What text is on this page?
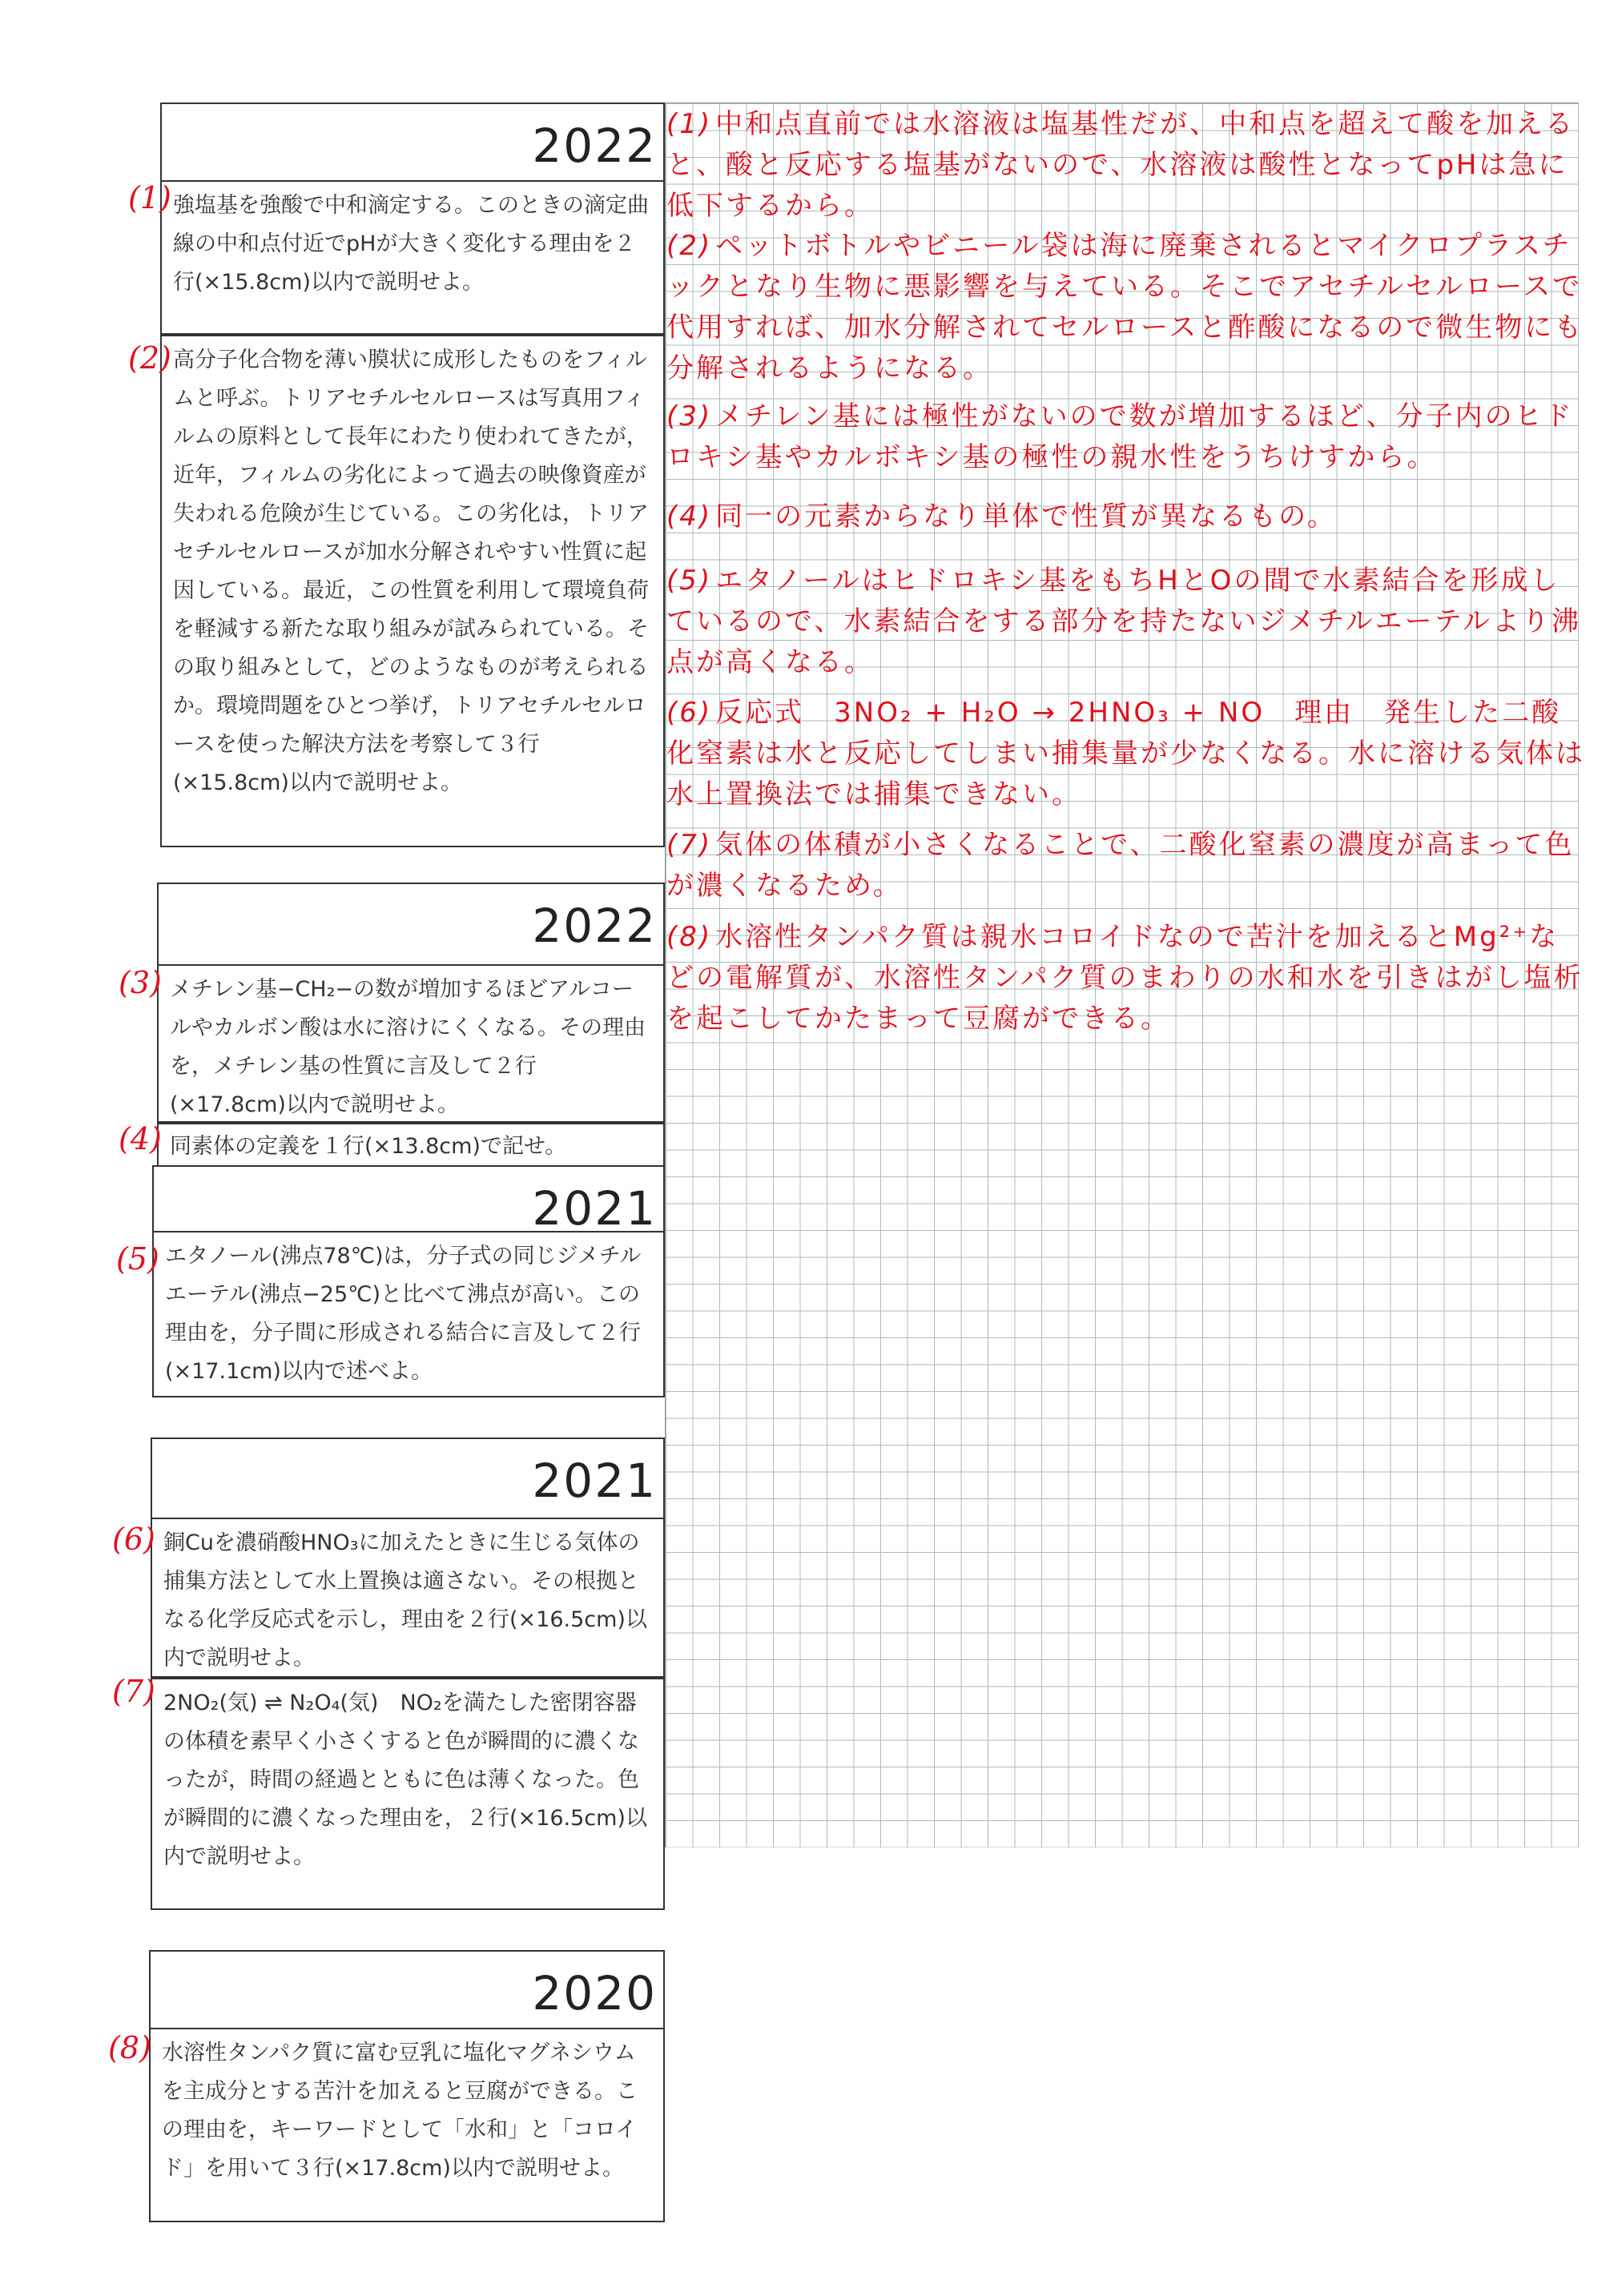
2022
強塩基を強酸で中和滴定する。このときの滴定曲線の中和点付近でpHが大きく変化する理由を２行(×15.8cm)以内で説明せよ。
(1)
高分子化合物を薄い膜状に成形したものをフィルムと呼ぶ。トリアセチルセルロースは写真用フィルムの原料として長年にわたり使われてきたが，近年，フィルムの劣化によって過去の映像資産が失われる危険が生じている。この劣化は，トリアセチルセルロースが加水分解されやすい性質に起因している。最近，この性質を利用して環境負荷を軽減する新たな取り組みが試みられている。その取り組みとして，どのようなものが考えられるか。環境問題をひとつ挙げ，トリアセチルセルロースを使った解決方法を考察して３行(×15.8cm)以内で説明せよ。
(2)
2022
メチレン基−CH₂−の数が増加するほどアルコールやカルボン酸は水に溶けにくくなる。その理由を，メチレン基の性質に言及して２行(×17.8cm)以内で説明せよ。
(3)
同素体の定義を１行(×13.8cm)で記せ。
(4)
2021
エタノール(沸点78℃)は，分子式の同じジメチルエーテル(沸点−25℃)と比べて沸点が高い。この理由を，分子間に形成される結合に言及して２行(×17.1cm)以内で述べよ。
(5)
2021
銅Cuを濃硝酸HNO₃に加えたときに生じる気体の捕集方法として水上置換は適さない。その根拠となる化学反応式を示し，理由を２行(×16.5cm)以内で説明せよ。
(6)
2NO₂(気) ⇌ N₂O₄(気)　NO₂を満たした密閉容器の体積を素早く小さくすると色が瞬間的に濃くなったが，時間の経過とともに色は薄くなった。色が瞬間的に濃くなった理由を，２行(×16.5cm)以内で説明せよ。
(7)
2020
水溶性タンパク質に富む豆乳に塩化マグネシウムを主成分とする苦汁を加えると豆腐ができる。この理由を，キーワードとして「水和」と「コロイド」を用いて３行(×17.8cm)以内で説明せよ。
(8)
(1) 中和点直前では水溶液は塩基性だが、中和点を超えて酸を加えると、酸と反応する塩基がないので、水溶液は酸性となってpHは急に低下するから。
(2) ペットボトルやビニール袋は海に廃棄されるとマイクロプラスチックとなり生物に悪影響を与えている。そこでアセチルセルロースで代用すれば、加水分解されてセルロースと酢酸になるので微生物にも分解されるようになる。
(3) メチレン基には極性がないので数が増加するほど、分子内のヒドロキシ基やカルボキシ基の極性の親水性をうちけすから。
(4) 同一の元素からなり単体で性質が異なるもの。
(5) エタノールはヒドロキシ基をもちHとOの間で水素結合を形成しているので、水素結合をする部分を持たないジメチルエーテルより沸点が高くなる。
(6) 反応式　3NO₂ + H₂O → 2HNO₃ + NO　理由　発生した二酸化窒素は水と反応してしまい捕集量が少なくなる。水に溶ける気体は水上置換法では捕集できない。
(7) 気体の体積が小さくなることで、二酸化窒素の濃度が高まって色が濃くなるため。
(8) 水溶性タンパク質は親水コロイドなので苦汁を加えるとMg²⁺などの電解質が、水溶性タンパク質のまわりの水和水を引きはがし塩析を起こしてかたまって豆腐ができる。
